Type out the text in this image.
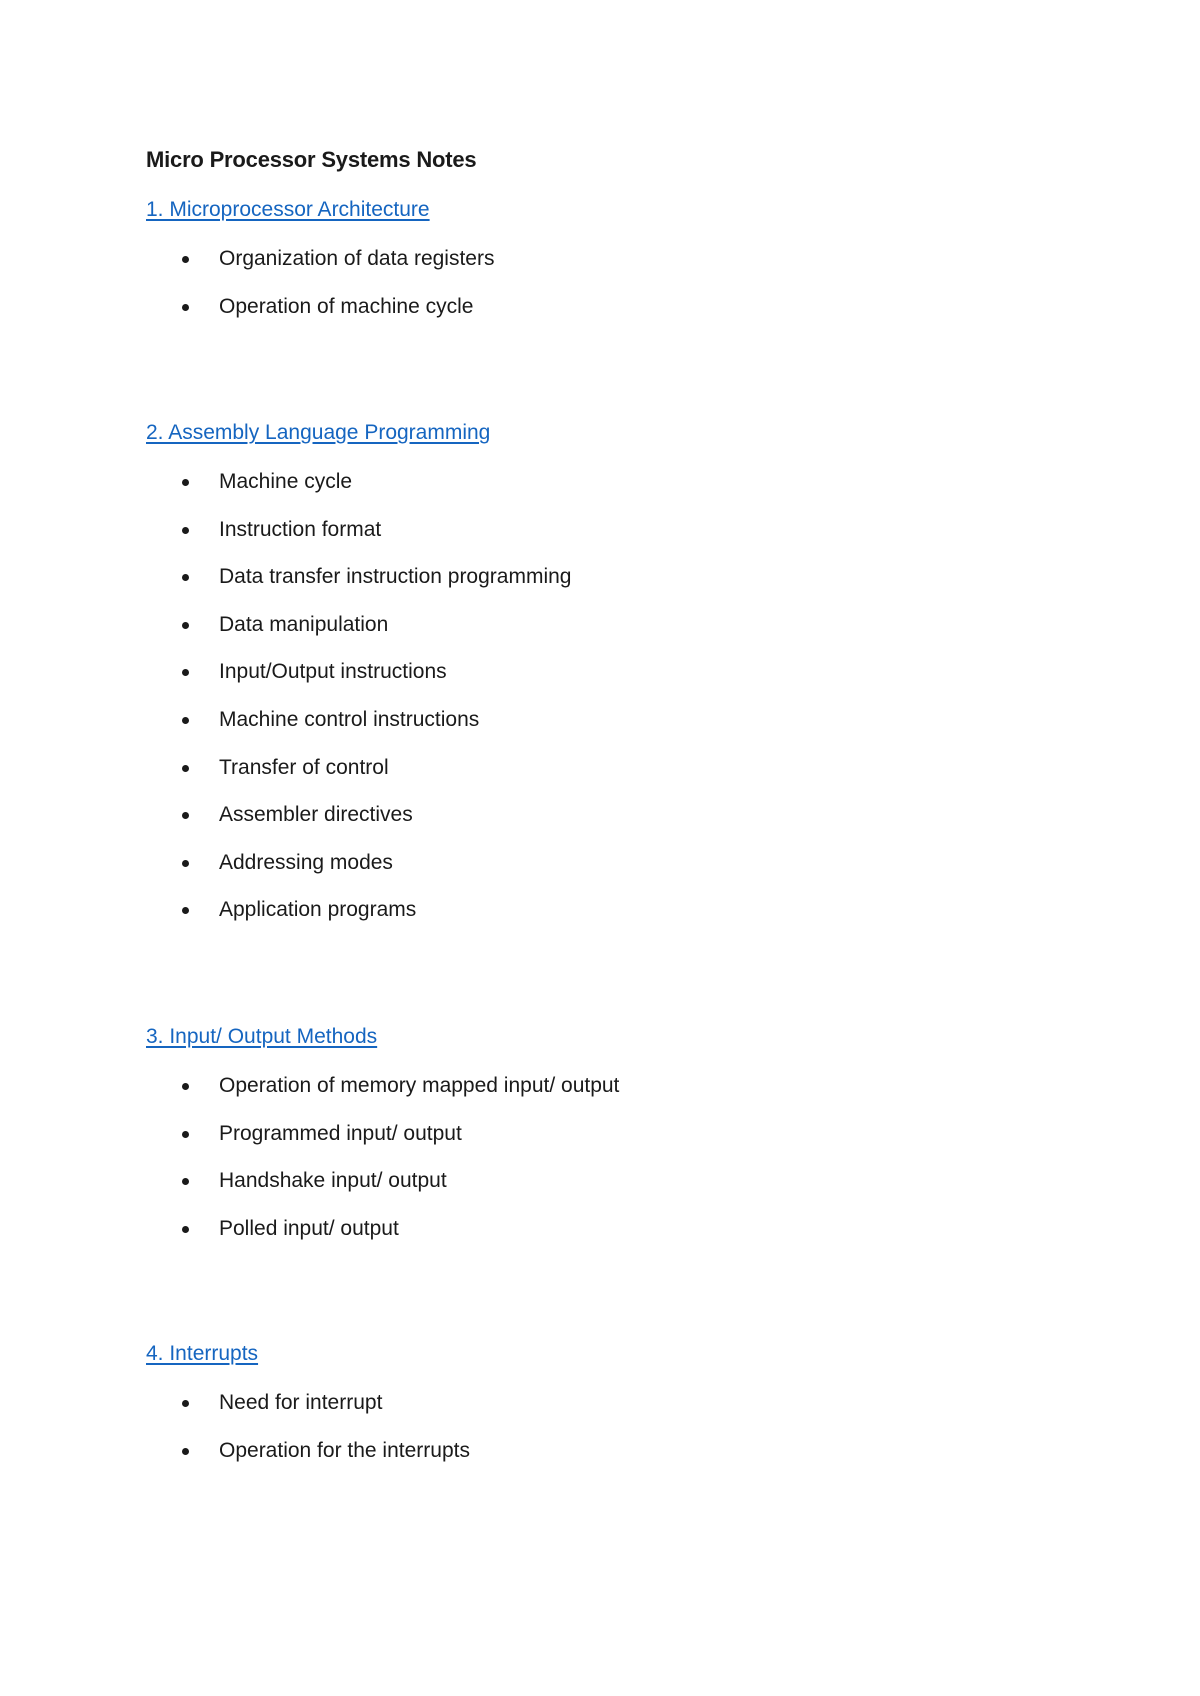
Micro Processor Systems Notes
1. Microprocessor Architecture
Organization of data registers
Operation of machine cycle
2. Assembly Language Programming
Machine cycle
Instruction format
Data transfer instruction programming
Data manipulation
Input/Output instructions
Machine control instructions
Transfer of control
Assembler directives
Addressing modes
Application programs
3. Input/ Output Methods
Operation of memory mapped input/ output
Programmed input/ output
Handshake input/ output
Polled input/ output
4. Interrupts
Need for interrupt
Operation for the interrupts
